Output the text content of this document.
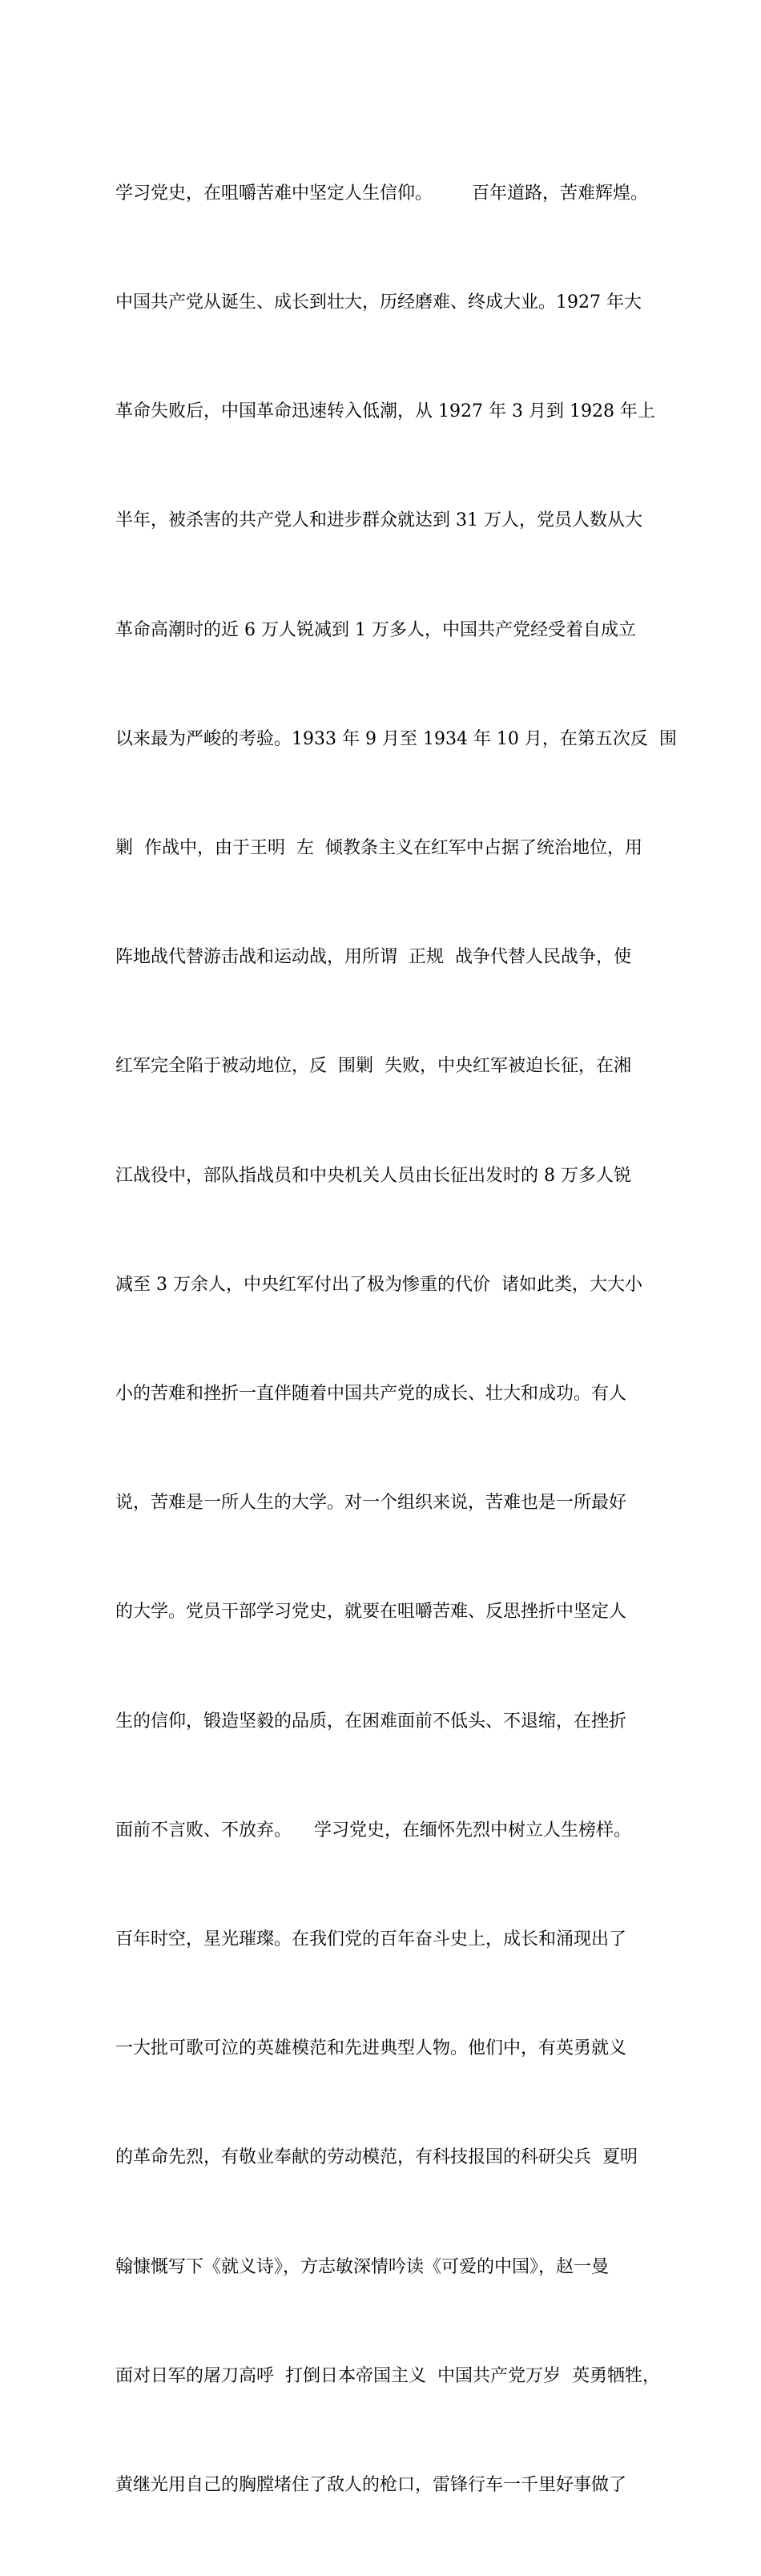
学习党史，在咀嚼苦难中坚定人生信仰。       百年道路，苦难辉煌。

中国共产党从诞生、成长到壮大，历经磨难、终成大业。1927 年大

革命失败后，中国革命迅速转入低潮，从 1927 年 3 月到 1928 年上

半年，被杀害的共产党人和进步群众就达到 31 万人，党员人数从大

革命高潮时的近 6 万人锐减到 1 万多人，中国共产党经受着自成立

以来最为严峻的考验。1933 年 9 月至 1934 年 10 月，在第五次反  围

剿  作战中，由于王明  左  倾教条主义在红军中占据了统治地位，用

阵地战代替游击战和运动战，用所谓  正规  战争代替人民战争，使

红军完全陷于被动地位，反  围剿  失败，中央红军被迫长征，在湘

江战役中，部队指战员和中央机关人员由长征出发时的 8 万多人锐

减至 3 万余人，中央红军付出了极为惨重的代价  诸如此类，大大小

小的苦难和挫折一直伴随着中国共产党的成长、壮大和成功。有人

说，苦难是一所人生的大学。对一个组织来说，苦难也是一所最好

的大学。党员干部学习党史，就要在咀嚼苦难、反思挫折中坚定人

生的信仰，锻造坚毅的品质，在困难面前不低头、不退缩，在挫折

面前不言败、不放弃。    学习党史，在缅怀先烈中树立人生榜样。

百年时空，星光璀璨。在我们党的百年奋斗史上，成长和涌现出了

一大批可歌可泣的英雄模范和先进典型人物。他们中，有英勇就义

的革命先烈，有敬业奉献的劳动模范，有科技报国的科研尖兵  夏明

翰慷慨写下《就义诗》，方志敏深情吟读《可爱的中国》，赵一曼

面对日军的屠刀高呼  打倒日本帝国主义  中国共产党万岁  英勇牺牲，

黄继光用自己的胸膛堵住了敌人的枪口，雷锋行车一千里好事做了
